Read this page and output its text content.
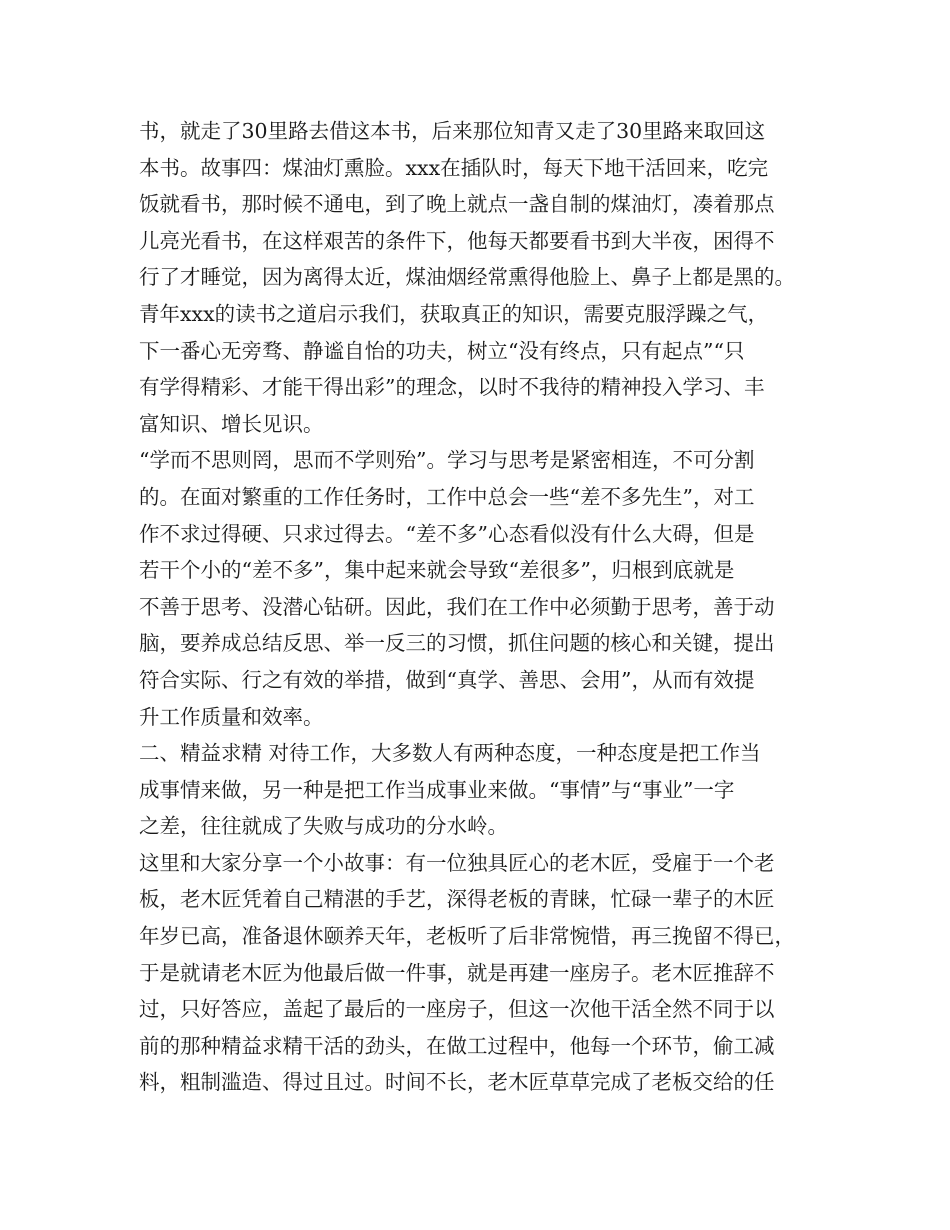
书，就走了30里路去借这本书，后来那位知青又走了30里路来取回这
本书。故事四：煤油灯熏脸。xxx在插队时，每天下地干活回来，吃完
饭就看书，那时候不通电，到了晚上就点一盏自制的煤油灯，凑着那点
儿亮光看书，在这样艰苦的条件下，他每天都要看书到大半夜，困得不
行了才睡觉，因为离得太近，煤油烟经常熏得他脸上、鼻子上都是黑的。
青年xxx的读书之道启示我们，获取真正的知识，需要克服浮躁之气，
下一番心无旁骛、静谧自怡的功夫，树立“没有终点，只有起点”“只
有学得精彩、才能干得出彩”的理念，以时不我待的精神投入学习、丰
富知识、增长见识。
“学而不思则罔，思而不学则殆”。学习与思考是紧密相连，不可分割
的。在面对繁重的工作任务时，工作中总会一些“差不多先生”，对工
作不求过得硬、只求过得去。“差不多”心态看似没有什么大碍，但是
若干个小的“差不多”，集中起来就会导致“差很多”，归根到底就是
不善于思考、没潜心钻研。因此，我们在工作中必须勤于思考，善于动
脑，要养成总结反思、举一反三的习惯，抓住问题的核心和关键，提出
符合实际、行之有效的举措，做到“真学、善思、会用”，从而有效提
升工作质量和效率。
二、精益求精 对待工作，大多数人有两种态度，一种态度是把工作当
成事情来做，另一种是把工作当成事业来做。“事情”与“事业”一字
之差，往往就成了失败与成功的分水岭。
这里和大家分享一个小故事：有一位独具匠心的老木匠，受雇于一个老
板，老木匠凭着自己精湛的手艺，深得老板的青睐，忙碌一辈子的木匠
年岁已高，准备退休颐养天年，老板听了后非常惋惜，再三挽留不得已，
于是就请老木匠为他最后做一件事，就是再建一座房子。老木匠推辞不
过，只好答应，盖起了最后的一座房子，但这一次他干活全然不同于以
前的那种精益求精干活的劲头，在做工过程中，他每一个环节，偷工减
料，粗制滥造、得过且过。时间不长，老木匠草草完成了老板交给的任
